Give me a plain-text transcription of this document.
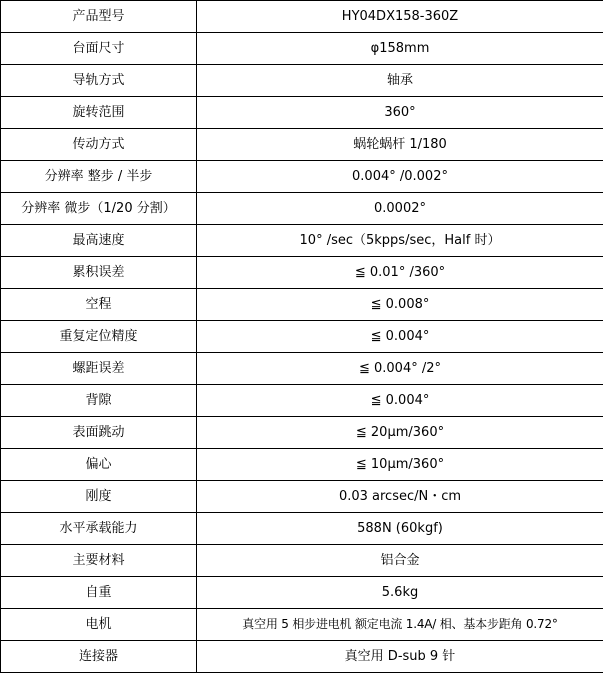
产品型号	HY04DX158-360Z
台面尺寸	φ158mm
导轨方式	轴承
旋转范围	360°
传动方式	蜗轮蜗杆 1/180
分辨率 整步 / 半步	0.004° /0.002°
分辨率 微步（1/20 分割）	0.0002°
最高速度	10° /sec（5kpps/sec，Half 时）
累积误差	≦ 0.01° /360°
空程	≦ 0.008°
重复定位精度	≦ 0.004°
螺距误差	≦ 0.004° /2°
背隙	≦ 0.004°
表面跳动	≦ 20μm/360°
偏心	≦ 10μm/360°
刚度	0.03 arcsec/N・cm
水平承载能力	588N (60kgf)
主要材料	铝合金
自重	5.6kg
电机	真空用 5 相步进电机 额定电流 1.4A/ 相、基本步距角 0.72°
连接器	真空用 D-sub 9 针
